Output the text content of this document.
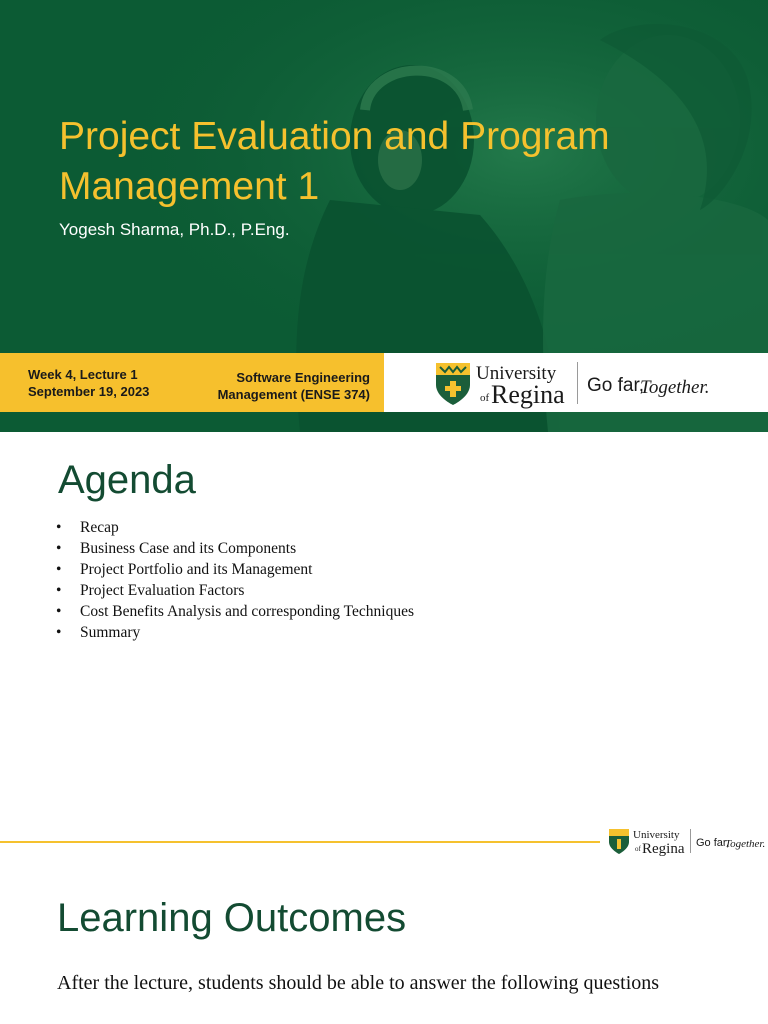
Project Evaluation and Program Management 1
Yogesh Sharma, Ph.D., P.Eng.
Week 4, Lecture 1
September 19, 2023
Software Engineering
Management (ENSE 374)
University
of Regina Go far,
Together.
Agenda
• Recap
• Business Case and its Components
• Project Portfolio and its Management
• Project Evaluation Factors
• Cost Benefits Analysis and corresponding Techniques
• Summary
University
of Regina Go far,
Together.
Learning Outcomes

After the lecture, students should be able to answer the following questions
